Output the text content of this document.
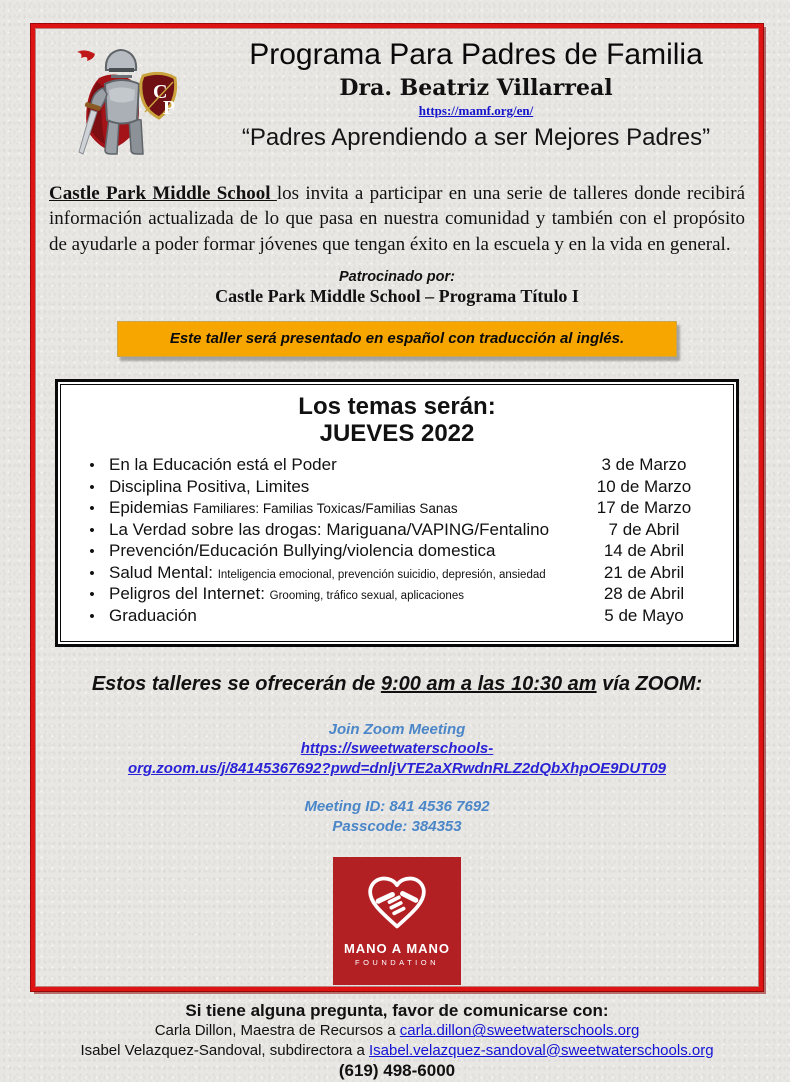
C
P
Programa Para Padres de Familia
Dra. Beatriz Villarreal
https://mamf.org/en/
“Padres Aprendiendo a ser Mejores Padres”

Castle Park Middle School los invita a participar en una serie de talleres donde recibirá información actualizada de lo que pasa en nuestra comunidad y también con el propósito de ayudarle a poder formar jóvenes que tengan éxito en la escuela y en la vida en general.

Patrocinado por:
Castle Park Middle School – Programa Título I
Este taller será presentado en español con traducción al inglés.
Los temas serán:
JUEVES 2022
• En la Educación está el Poder	3 de Marzo
• Disciplina Positiva, Limites	10 de Marzo
• Epidemias Familiares: Familias Toxicas/Familias Sanas	17 de Marzo
• La Verdad sobre las drogas: Mariguana/VAPING/Fentalino	7 de Abril
• Prevención/Educación Bullying/violencia domestica	14 de Abril
• Salud Mental: Inteligencia emocional, prevención suicidio, depresión, ansiedad	21 de Abril
• Peligros del Internet: Grooming, tráfico sexual, aplicaciones	28 de Abril
• Graduación	5 de Mayo
Estos talleres se ofrecerán de 9:00 am a las 10:30 am vía ZOOM:
Join Zoom Meeting
https://sweetwaterschools-
org.zoom.us/j/84145367692?pwd=dnljVTE2aXRwdnRLZ2dQbXhpOE9DUT09
Meeting ID: 841 4536 7692
Passcode: 384353
MANO A MANO
FOUNDATION
Si tiene alguna pregunta, favor de comunicarse con:
Carla Dillon, Maestra de Recursos a carla.dillon@sweetwaterschools.org
Isabel Velazquez-Sandoval, subdirectora a Isabel.velazquez-sandoval@sweetwaterschools.org
(619) 498-6000
